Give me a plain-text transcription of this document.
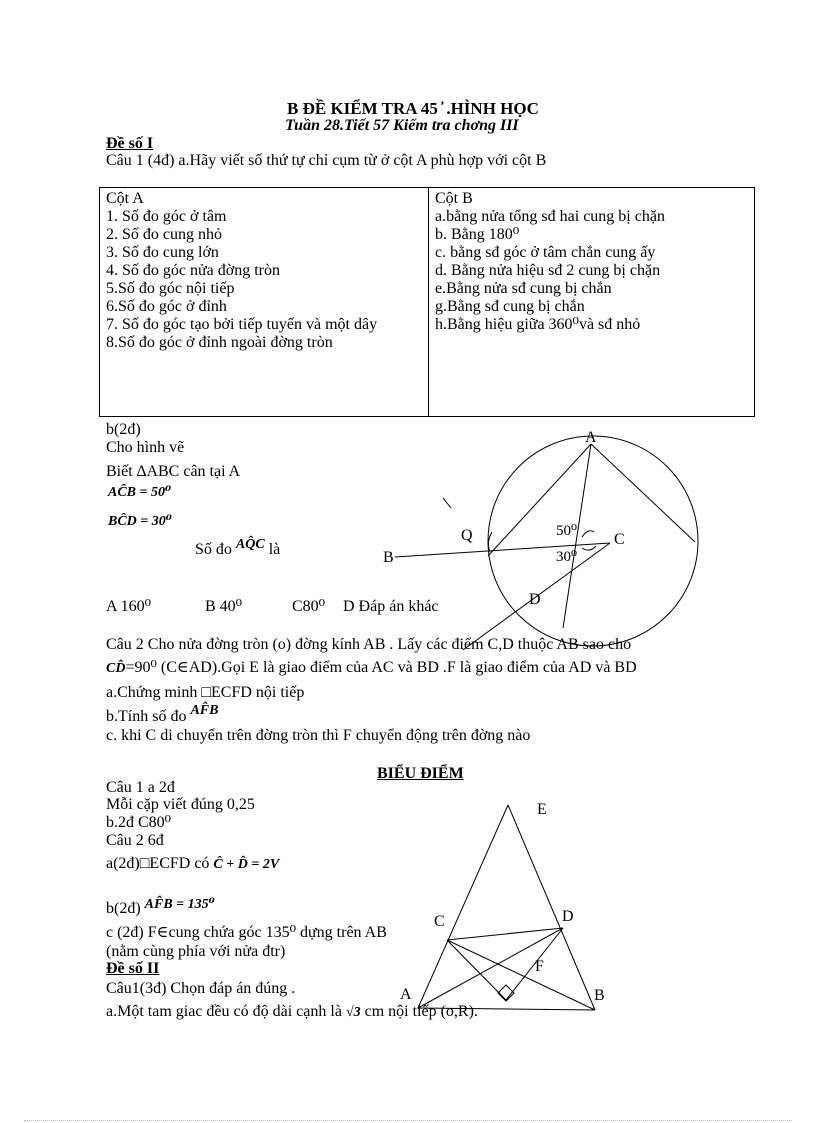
B ĐỀ KIỂM TRA 45 ̓ .HÌNH HỌC
Tuần 28.Tiết 57 Kiểm tra chơng III
Đề số I
Câu 1 (4đ) a.Hãy viết số thứ tự chỉ cụm từ ở cột A phù hợp với cột B
Cột A
1. Số đo góc ở tâm
2. Số đo cung nhỏ
3. Số đo cung lớn
4. Số đo góc nửa đờng tròn
5.Số đo góc nội tiếp
6.Số đo góc ở đỉnh
7. Số đo góc tạo bởi tiếp tuyến và một dây
8.Số đo góc ở đỉnh ngoài đờng tròn

Cột B
a.bằng nửa tổng sđ hai cung bị chặn
b. Bằng 180⁰
c. bằng sđ góc ở tâm chắn cung ấy
d. Bằng nửa hiệu sđ 2 cung bị chặn
e.Bằng nửa sđ cung bị chắn
g.Bằng sđ cung bị chắn
h.Bằng hiệu giữa 360⁰và sđ nhỏ
b(2đ)
Cho hình vẽ
Biết ∆ABC cân tại A
AĈB = 50⁰
BĈD = 30⁰
Số đo AQ̂C là
A 160⁰	B 40⁰	C80⁰ D Đáp án khác
A
Q
B
C
D
50⁰
30⁰
Câu 2 Cho nửa đờng tròn (o) đờng kính AB . Lấy các điểm C,D thuộc AB sao cho
CD̂=90⁰ (C∈AD).Gọi E là giao điểm của AC và BD .F là giao điểm của AD và BD
a.Chứng minh □ECFD nội tiếp
b.Tính số đo AF̂B
c. khi C di chuyển trên đờng tròn thì F chuyển động trên đờng nào
BIỂU ĐIỂM
Câu 1 a 2đ
Mỗi cặp viết đúng 0,25
b.2đ C80⁰
Câu 2 6đ
a(2đ)□ECFD có Ĉ + D̂ = 2V
b(2đ) AF̂B = 135⁰
c (2đ) F∈cung chứa góc 135⁰ dựng trên AB
(nằm cùng phía với nửa đtr)
Đề số II
Câu1(3đ) Chọn đáp án đúng .
a.Một tam giac đều có độ dài cạnh là √3 cm nội tiếp (o,R).
E
C	D
F
A	B
